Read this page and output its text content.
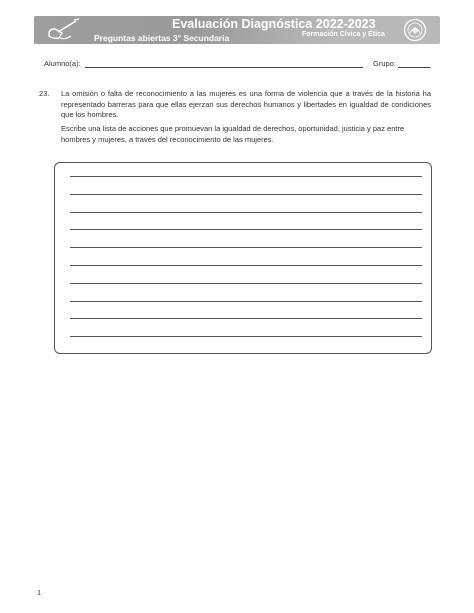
Evaluación Diagnóstica 2022-2023
Preguntas abiertas 3° Secundaria	Formación Cívica y Ética
Alumno(a):	Grupo:
23. La omisión o falta de reconocimiento a las mujeres es una forma de violencia que a través de la historia ha representado barreras para que ellas ejerzan sus derechos humanos y libertades en igualdad de condiciones que los hombres.
Escribe una lista de acciones que promuevan la igualdad de derechos, oportunidad, justicia y paz entre hombres y mujeres, a través del reconocimiento de las mujeres.
1
